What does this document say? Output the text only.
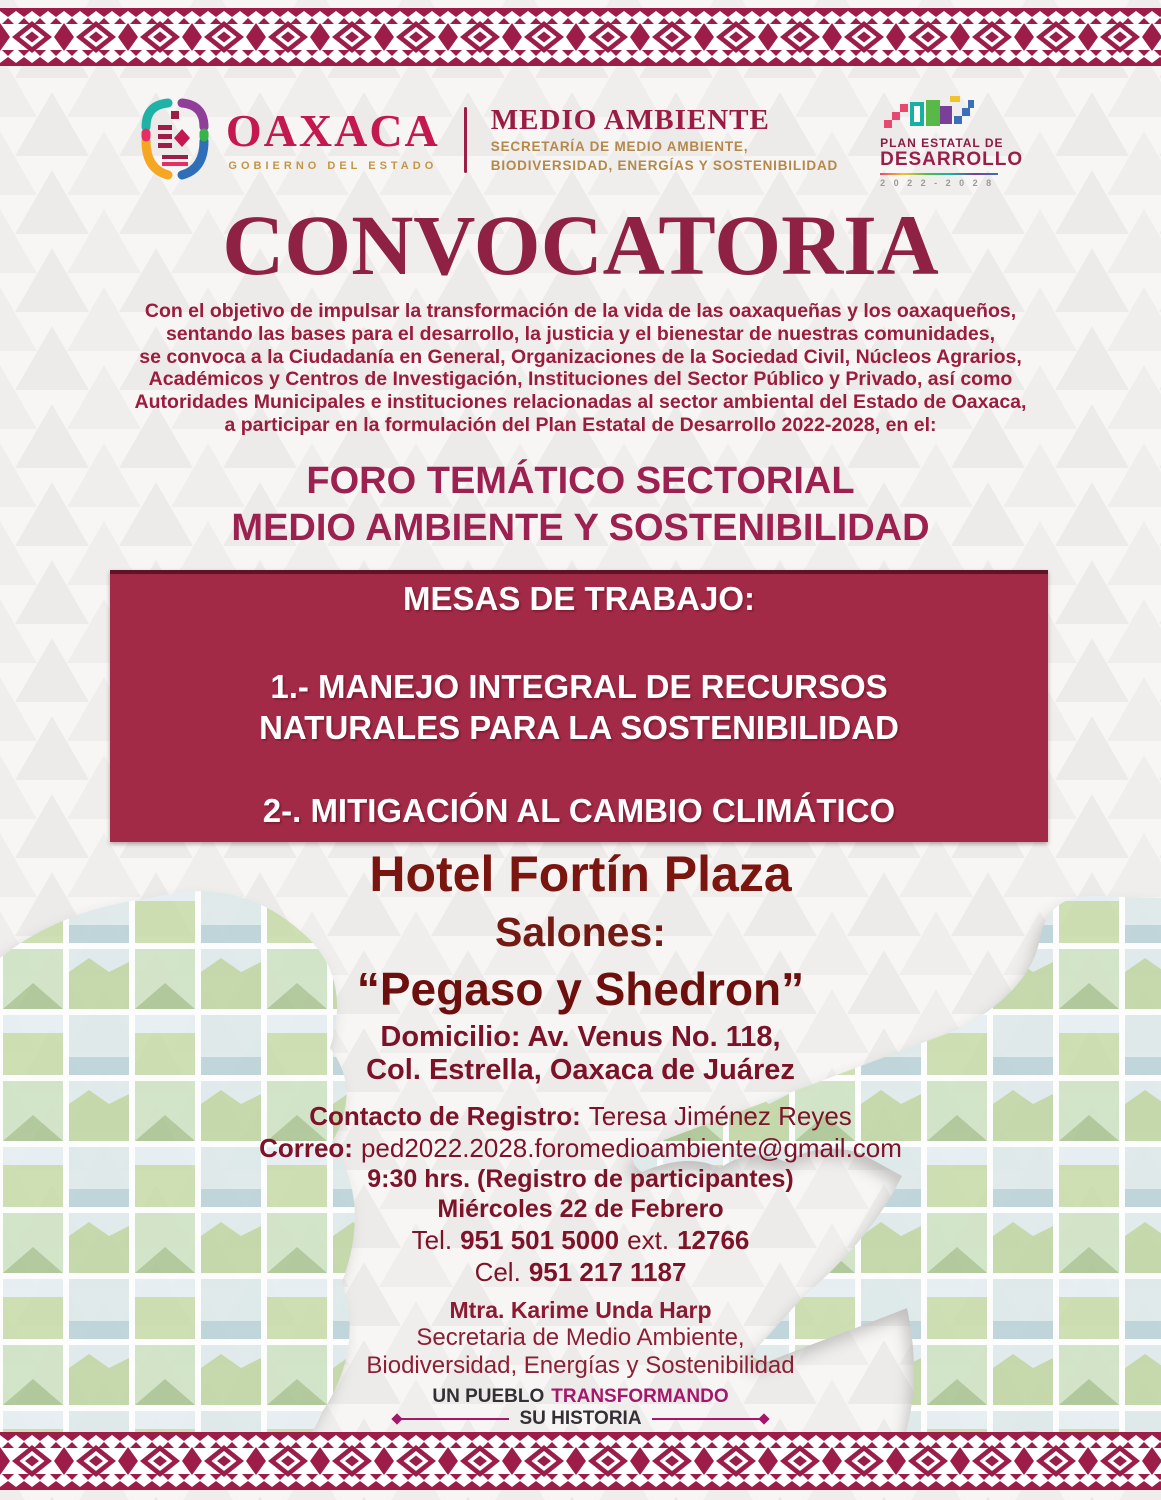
OAXACA
GOBIERNO DEL ESTADO
MEDIO AMBIENTE
SECRETARÍA DE MEDIO AMBIENTE,
BIODIVERSIDAD, ENERGÍAS Y SOSTENIBILIDAD
PLAN ESTATAL DE
DESARROLLO
2 0 2 2 - 2 0 2 8
CONVOCATORIA
Con el objetivo de impulsar la transformación de la vida de las oaxaqueñas y los oaxaqueños,
sentando las bases para el desarrollo, la justicia y el bienestar de nuestras comunidades,
se convoca a la Ciudadanía en General, Organizaciones de la Sociedad Civil, Núcleos Agrarios,
Académicos y Centros de Investigación, Instituciones del Sector Público y Privado, así como
Autoridades Municipales e instituciones relacionadas al sector ambiental del Estado de Oaxaca,
a participar en la formulación del Plan Estatal de Desarrollo 2022-2028, en el:
FORO TEMÁTICO SECTORIAL
MEDIO AMBIENTE Y SOSTENIBILIDAD
MESAS DE TRABAJO:
1.- MANEJO INTEGRAL DE RECURSOS NATURALES PARA LA SOSTENIBILIDAD
2-. MITIGACIÓN AL CAMBIO CLIMÁTICO
Hotel Fortín Plaza
Salones:
“Pegaso y Shedron”
Domicilio: Av. Venus No. 118,
Col. Estrella, Oaxaca de Juárez
Contacto de Registro: Teresa Jiménez Reyes
Correo: ped2022.2028.foromedioambiente@gmail.com
9:30 hrs. (Registro de participantes)
Miércoles 22 de Febrero
Tel. 951 501 5000 ext. 12766
Cel. 951 217 1187
Mtra. Karime Unda Harp
Secretaria de Medio Ambiente,
Biodiversidad, Energías y Sostenibilidad
UN PUEBLO TRANSFORMANDO
SU HISTORIA
